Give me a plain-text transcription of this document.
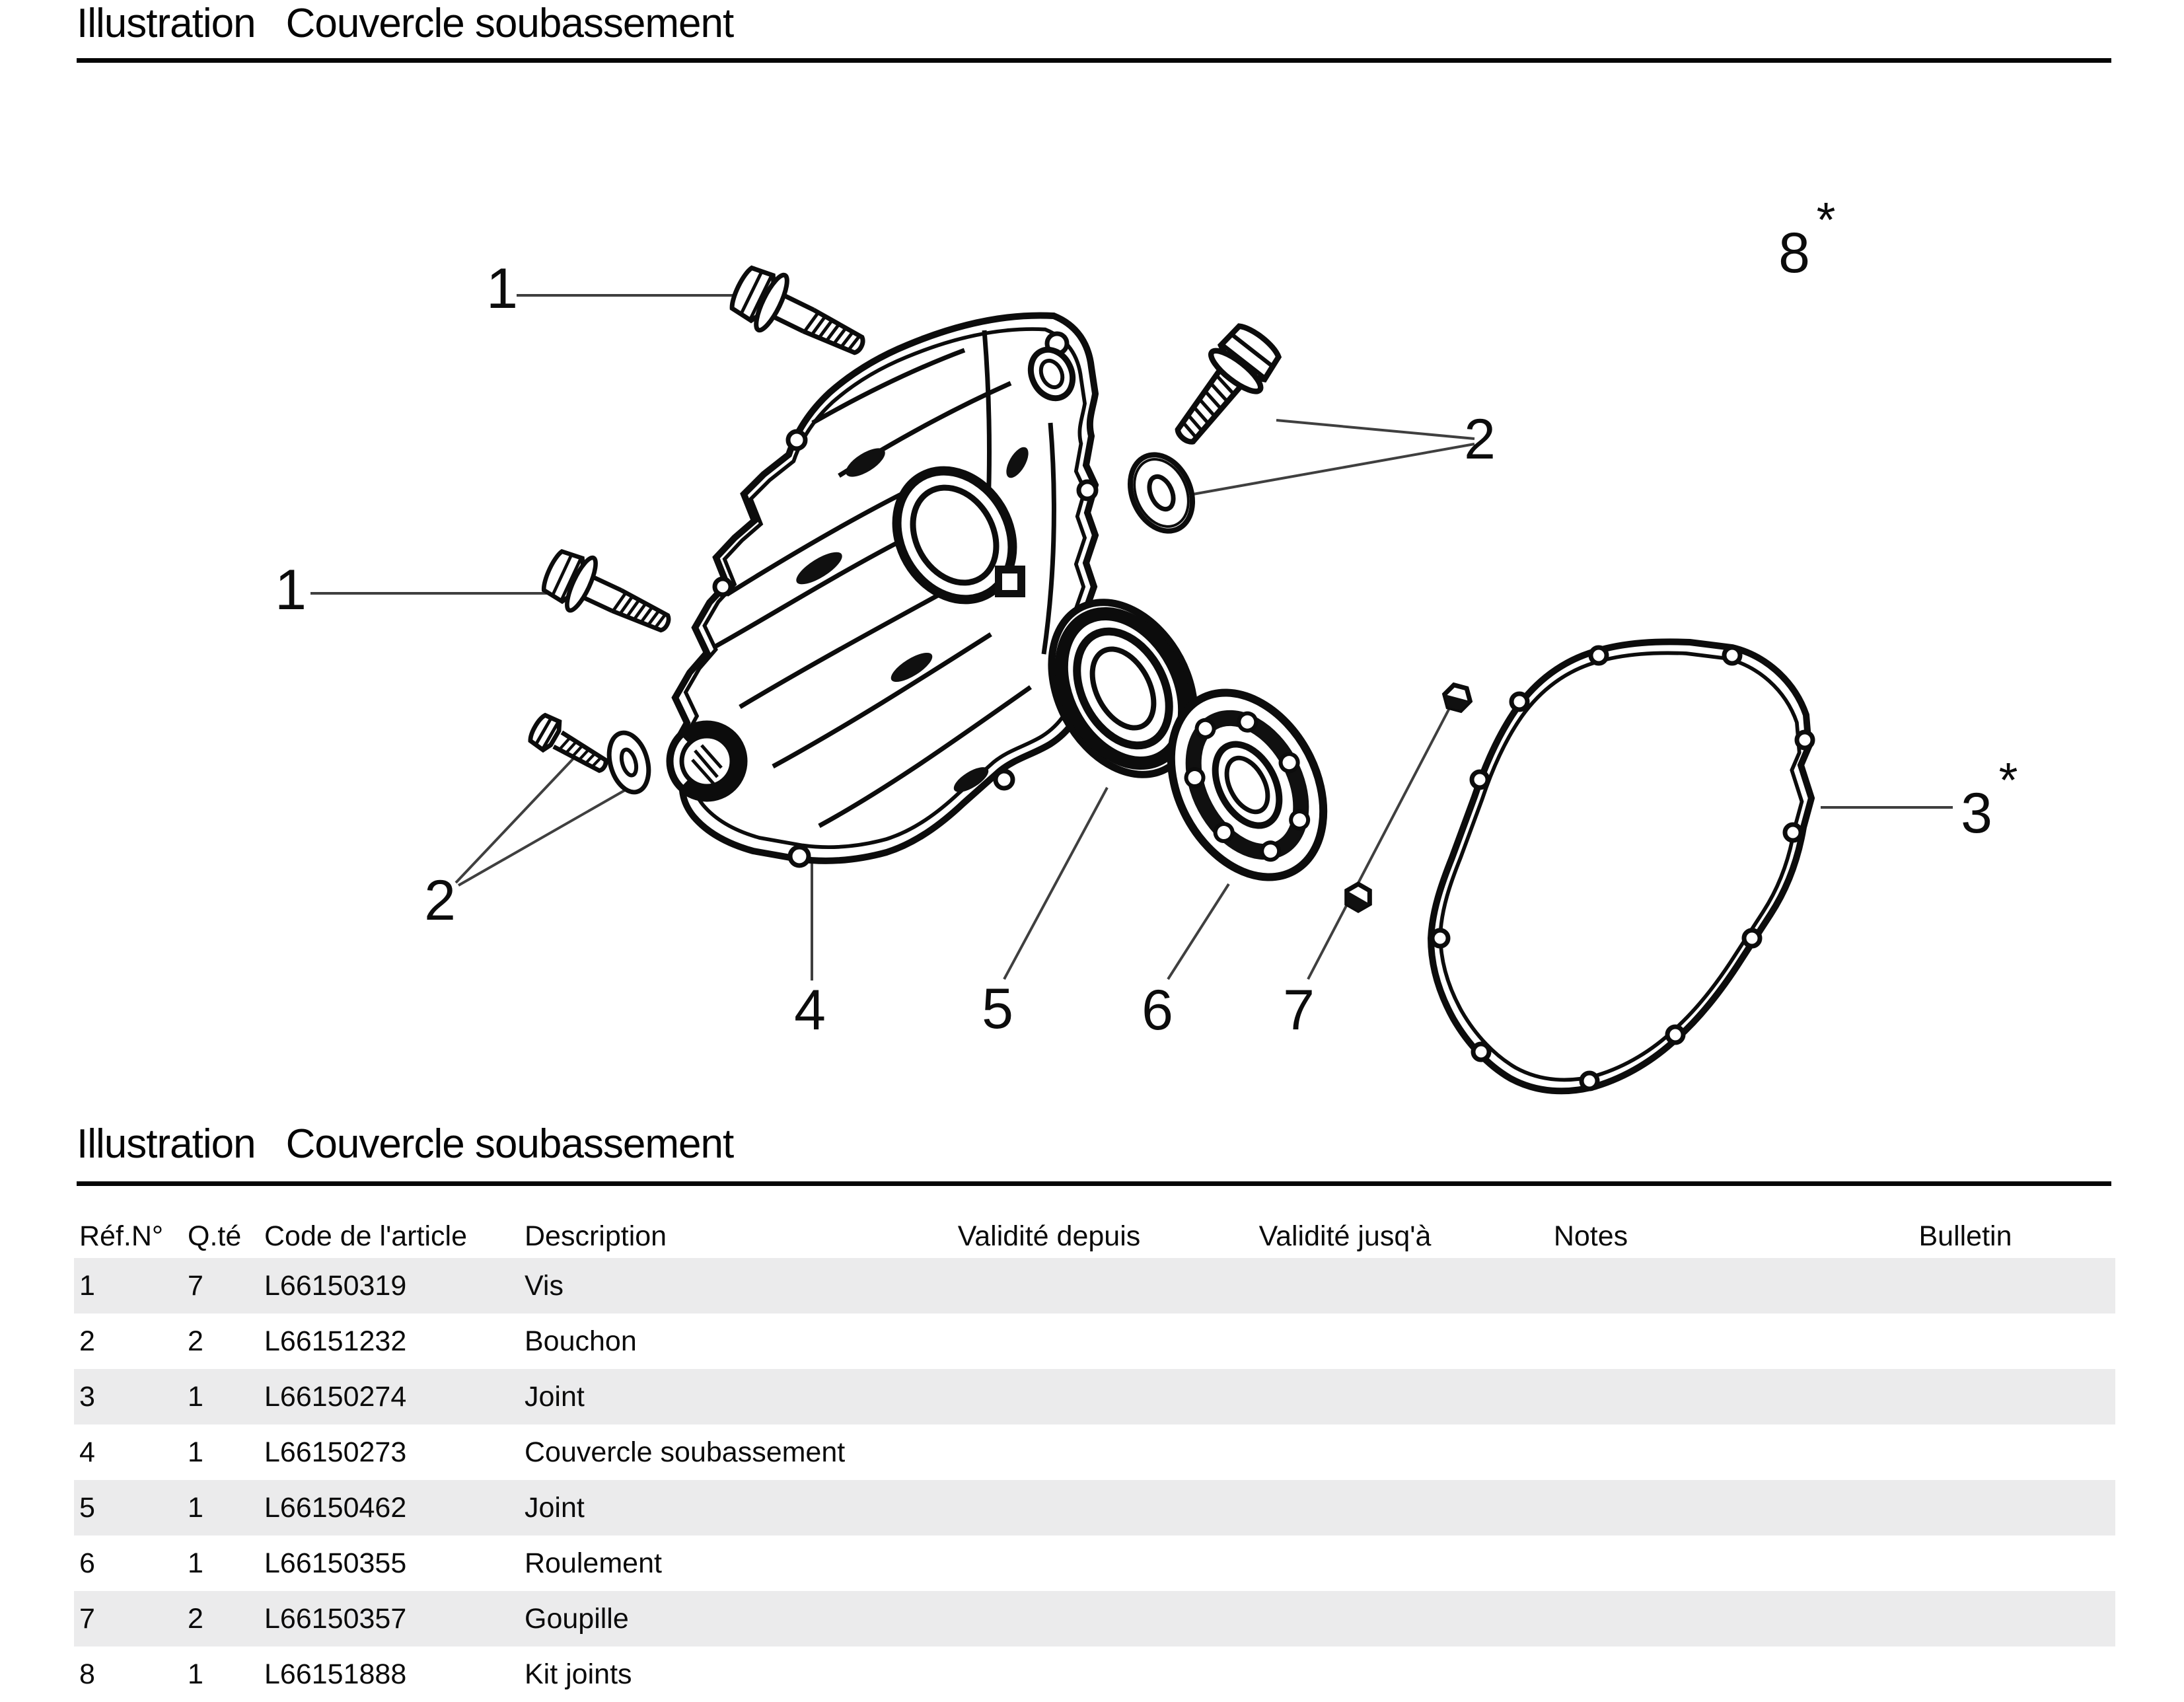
Illustration Couvercle soubassement
1
1
2
2
3
*
4	5 6 7
8
*
Illustration Couvercle soubassement
Réf.N°	Q.té	Code de l'article	Description	Validité depuis	Validité jusq'à	Notes	Bulletin
1	7	L66150319	Vis				
2	2	L66151232	Bouchon				
3	1	L66150274	Joint				
4	1	L66150273	Couvercle soubassement				
5	1	L66150462	Joint				
6	1	L66150355	Roulement				
7	2	L66150357	Goupille				
8	1	L66151888	Kit joints				
